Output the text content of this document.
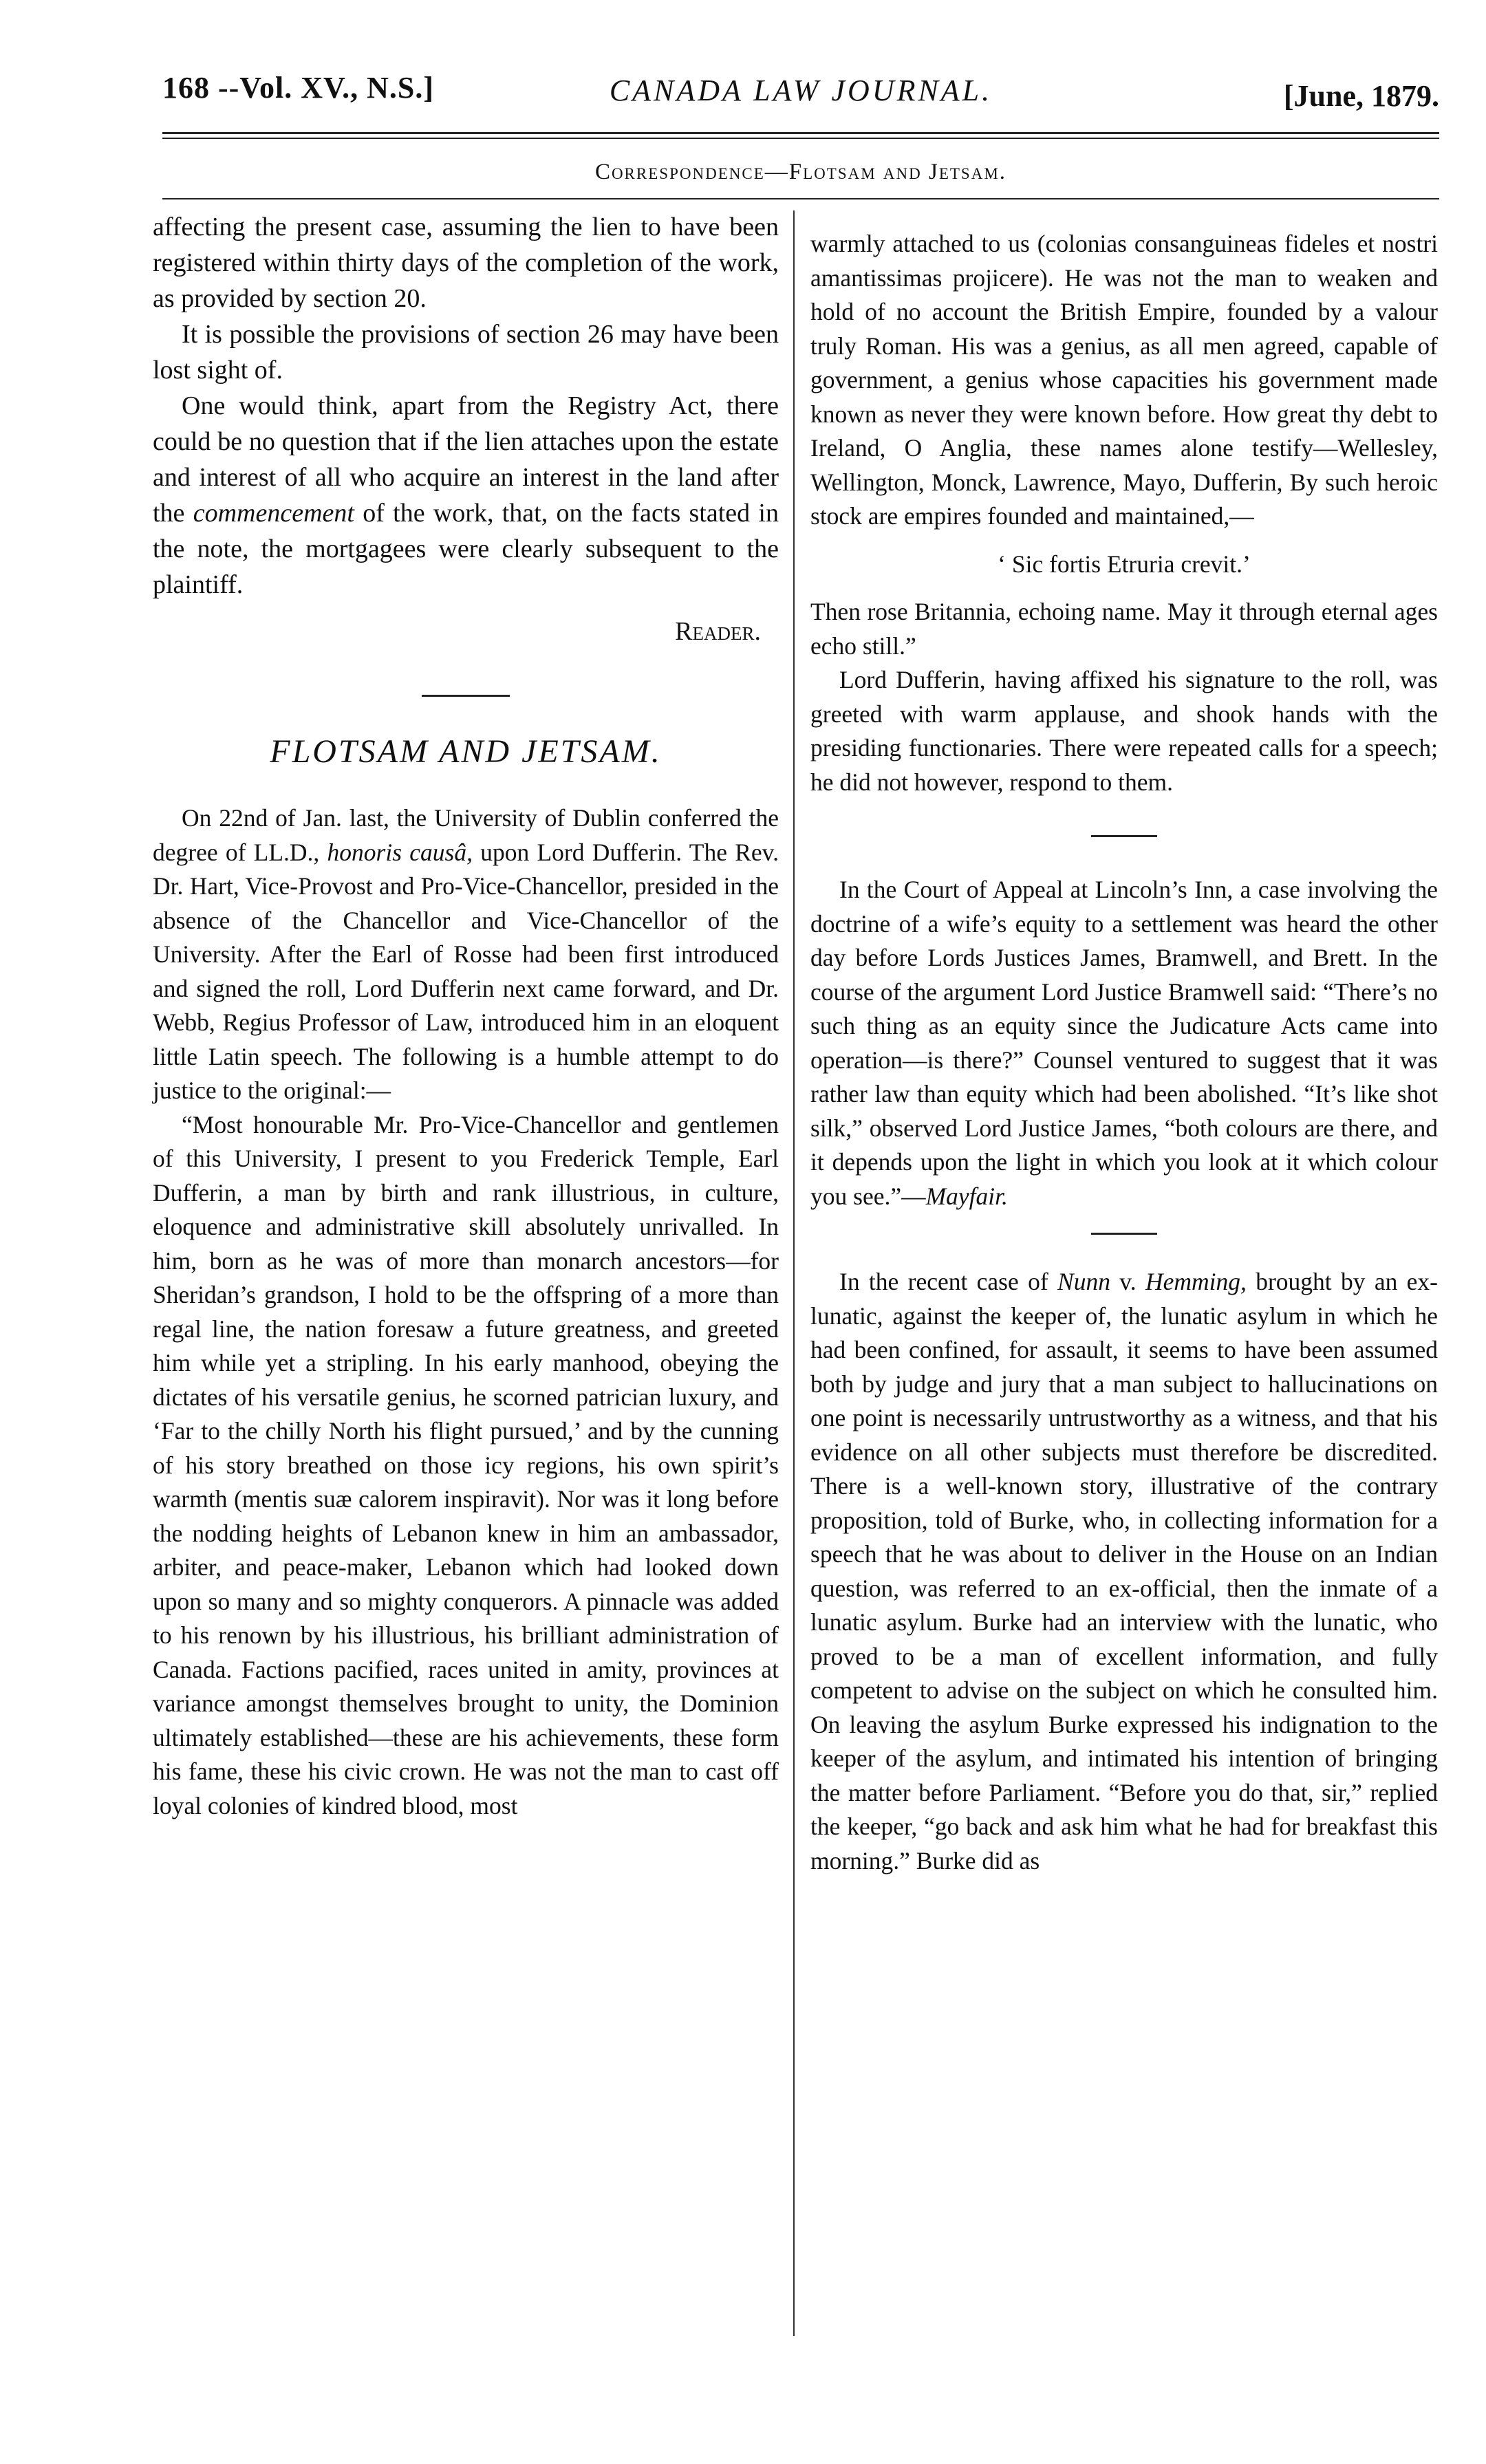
168 --Vol. XV., N.S.]	CANADA LAW JOURNAL.	[June, 1879.
Correspondence—Flotsam and Jetsam.

affecting the present case, assuming the lien to have been registered within thirty days of the completion of the work, as provided by section 20.

It is possible the provisions of section 26 may have been lost sight of.

One would think, apart from the Registry Act, there could be no question that if the lien attaches upon the estate and interest of all who acquire an interest in the land after the commencement of the work, that, on the facts stated in the note, the mortgagees were clearly subsequent to the plaintiff.

Reader.

FLOTSAM AND JETSAM.

On 22nd of Jan. last, the University of Dublin conferred the degree of LL.D., honoris causâ, upon Lord Dufferin. The Rev. Dr. Hart, Vice-Provost and Pro-Vice-Chancellor, presided in the absence of the Chancellor and Vice-Chancellor of the University. After the Earl of Rosse had been first introduced and signed the roll, Lord Dufferin next came forward, and Dr. Webb, Regius Professor of Law, introduced him in an eloquent little Latin speech. The following is a humble attempt to do justice to the original:—

“Most honourable Mr. Pro-Vice-Chancellor and gentlemen of this University, I present to you Frederick Temple, Earl Dufferin, a man by birth and rank illustrious, in culture, eloquence and administrative skill absolutely unrivalled. In him, born as he was of more than monarch ancestors—for Sheridan’s grandson, I hold to be the offspring of a more than regal line, the nation foresaw a future greatness, and greeted him while yet a stripling. In his early manhood, obeying the dictates of his versatile genius, he scorned patrician luxury, and ‘Far to the chilly North his flight pursued,’ and by the cunning of his story breathed on those icy regions, his own spirit’s warmth (mentis suæ calorem inspiravit). Nor was it long before the nodding heights of Lebanon knew in him an ambassador, arbiter, and peace-maker, Lebanon which had looked down upon so many and so mighty conquerors. A pinnacle was added to his renown by his illustrious, his brilliant administration of Canada. Factions pacified, races united in amity, provinces at variance amongst themselves brought to unity, the Dominion ultimately established—these are his achievements, these form his fame, these his civic crown. He was not the man to cast off loyal colonies of kindred blood, most

warmly attached to us (colonias consanguineas fideles et nostri amantissimas projicere). He was not the man to weaken and hold of no account the British Empire, founded by a valour truly Roman. His was a genius, as all men agreed, capable of government, a genius whose capacities his government made known as never they were known before. How great thy debt to Ireland, O Anglia, these names alone testify—Wellesley, Wellington, Monck, Lawrence, Mayo, Dufferin, By such heroic stock are empires founded and maintained,—

‘ Sic fortis Etruria crevit.’

Then rose Britannia, echoing name. May it through eternal ages echo still.”

Lord Dufferin, having affixed his signature to the roll, was greeted with warm applause, and shook hands with the presiding functionaries. There were repeated calls for a speech; he did not however, respond to them.

In the Court of Appeal at Lincoln’s Inn, a case involving the doctrine of a wife’s equity to a settlement was heard the other day before Lords Justices James, Bramwell, and Brett. In the course of the argument Lord Justice Bramwell said: “There’s no such thing as an equity since the Judicature Acts came into operation—is there?” Counsel ventured to suggest that it was rather law than equity which had been abolished. “It’s like shot silk,” observed Lord Justice James, “both colours are there, and it depends upon the light in which you look at it which colour you see.”—Mayfair.

In the recent case of Nunn v. Hemming, brought by an ex-lunatic, against the keeper of, the lunatic asylum in which he had been confined, for assault, it seems to have been assumed both by judge and jury that a man subject to hallucinations on one point is necessarily untrustworthy as a witness, and that his evidence on all other subjects must therefore be discredited. There is a well-known story, illustrative of the contrary proposition, told of Burke, who, in collecting information for a speech that he was about to deliver in the House on an Indian question, was referred to an ex-official, then the inmate of a lunatic asylum. Burke had an interview with the lunatic, who proved to be a man of excellent information, and fully competent to advise on the subject on which he consulted him. On leaving the asylum Burke expressed his indignation to the keeper of the asylum, and intimated his intention of bringing the matter before Parliament. “Before you do that, sir,” replied the keeper, “go back and ask him what he had for breakfast this morning.” Burke did as
